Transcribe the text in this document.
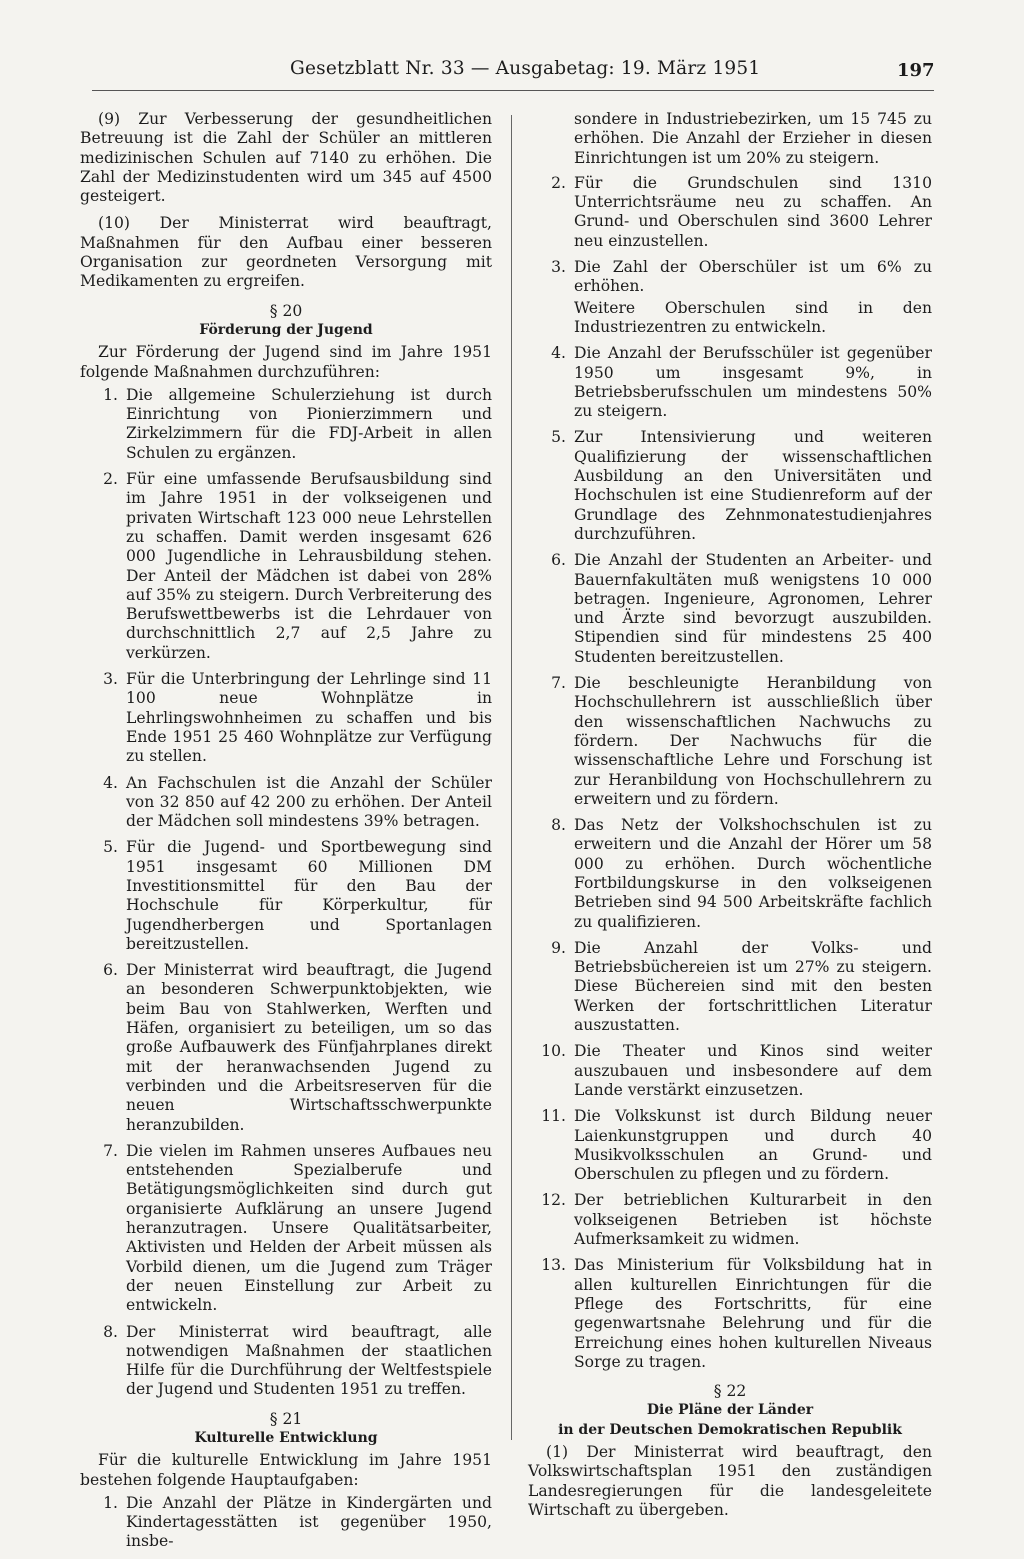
Gesetzblatt Nr. 33 — Ausgabetag: 19. März 1951	197

(9) Zur Verbesserung der gesundheitlichen Betreuung ist die Zahl der Schüler an mittleren medizinischen Schulen auf 7140 zu erhöhen. Die Zahl der Medizinstudenten wird um 345 auf 4500 gesteigert.

(10) Der Ministerrat wird beauftragt, Maßnahmen für den Aufbau einer besseren Organisation zur geordneten Versorgung mit Medikamenten zu ergreifen.

§ 20
Förderung der Jugend

Zur Förderung der Jugend sind im Jahre 1951 folgende Maßnahmen durchzuführen:

1. Die allgemeine Schulerziehung ist durch Einrichtung von Pionierzimmern und Zirkelzimmern für die FDJ-Arbeit in allen Schulen zu ergänzen.
2. Für eine umfassende Berufsausbildung sind im Jahre 1951 in der volkseigenen und privaten Wirtschaft 123 000 neue Lehrstellen zu schaffen. Damit werden insgesamt 626 000 Jugendliche in Lehrausbildung stehen. Der Anteil der Mädchen ist dabei von 28% auf 35% zu steigern. Durch Verbreiterung des Berufswettbewerbs ist die Lehrdauer von durchschnittlich 2,7 auf 2,5 Jahre zu verkürzen.
3. Für die Unterbringung der Lehrlinge sind 11 100 neue Wohnplätze in Lehrlingswohnheimen zu schaffen und bis Ende 1951 25 460 Wohnplätze zur Verfügung zu stellen.
4. An Fachschulen ist die Anzahl der Schüler von 32 850 auf 42 200 zu erhöhen. Der Anteil der Mädchen soll mindestens 39% betragen.
5. Für die Jugend- und Sportbewegung sind 1951 insgesamt 60 Millionen DM Investitionsmittel für den Bau der Hochschule für Körperkultur, für Jugendherbergen und Sportanlagen bereitzustellen.
6. Der Ministerrat wird beauftragt, die Jugend an besonderen Schwerpunktobjekten, wie beim Bau von Stahlwerken, Werften und Häfen, organisiert zu beteiligen, um so das große Aufbauwerk des Fünfjahrplanes direkt mit der heranwachsenden Jugend zu verbinden und die Arbeitsreserven für die neuen Wirtschaftsschwerpunkte heranzubilden.
7. Die vielen im Rahmen unseres Aufbaues neu entstehenden Spezialberufe und Betätigungsmöglichkeiten sind durch gut organisierte Aufklärung an unsere Jugend heranzutragen. Unsere Qualitätsarbeiter, Aktivisten und Helden der Arbeit müssen als Vorbild dienen, um die Jugend zum Träger der neuen Einstellung zur Arbeit zu entwickeln.
8. Der Ministerrat wird beauftragt, alle notwendigen Maßnahmen der staatlichen Hilfe für die Durchführung der Weltfestspiele der Jugend und Studenten 1951 zu treffen.
§ 21
Kulturelle Entwicklung

Für die kulturelle Entwicklung im Jahre 1951 bestehen folgende Hauptaufgaben:

1. Die Anzahl der Plätze in Kindergärten und Kindertagesstätten ist gegenüber 1950, insbe-
sondere in Industriebezirken, um 15 745 zu erhöhen. Die Anzahl der Erzieher in diesen Einrichtungen ist um 20% zu steigern.
2. Für die Grundschulen sind 1310 Unterrichtsräume neu zu schaffen. An Grund- und Oberschulen sind 3600 Lehrer neu einzustellen.
3. Die Zahl der Oberschüler ist um 6% zu erhöhen.
Weitere Oberschulen sind in den Industriezentren zu entwickeln.
4. Die Anzahl der Berufsschüler ist gegenüber 1950 um insgesamt 9%, in Betriebsberufsschulen um mindestens 50% zu steigern.
5. Zur Intensivierung und weiteren Qualifizierung der wissenschaftlichen Ausbildung an den Universitäten und Hochschulen ist eine Studienreform auf der Grundlage des Zehnmonatestudienjahres durchzuführen.
6. Die Anzahl der Studenten an Arbeiter- und Bauernfakultäten muß wenigstens 10 000 betragen. Ingenieure, Agronomen, Lehrer und Ärzte sind bevorzugt auszubilden. Stipendien sind für mindestens 25 400 Studenten bereitzustellen.
7. Die beschleunigte Heranbildung von Hochschullehrern ist ausschließlich über den wissenschaftlichen Nachwuchs zu fördern. Der Nachwuchs für die wissenschaftliche Lehre und Forschung ist zur Heranbildung von Hochschullehrern zu erweitern und zu fördern.
8. Das Netz der Volkshochschulen ist zu erweitern und die Anzahl der Hörer um 58 000 zu erhöhen. Durch wöchentliche Fortbildungskurse in den volkseigenen Betrieben sind 94 500 Arbeitskräfte fachlich zu qualifizieren.
9. Die Anzahl der Volks- und Betriebsbüchereien ist um 27% zu steigern. Diese Büchereien sind mit den besten Werken der fortschrittlichen Literatur auszustatten.
10. Die Theater und Kinos sind weiter auszubauen und insbesondere auf dem Lande verstärkt einzusetzen.
11. Die Volkskunst ist durch Bildung neuer Laienkunstgruppen und durch 40 Musikvolksschulen an Grund- und Oberschulen zu pflegen und zu fördern.
12. Der betrieblichen Kulturarbeit in den volkseigenen Betrieben ist höchste Aufmerksamkeit zu widmen.
13. Das Ministerium für Volksbildung hat in allen kulturellen Einrichtungen für die Pflege des Fortschritts, für eine gegenwartsnahe Belehrung und für die Erreichung eines hohen kulturellen Niveaus Sorge zu tragen.
§ 22
Die Pläne der Länder
in der Deutschen Demokratischen Republik

(1) Der Ministerrat wird beauftragt, den Volkswirtschaftsplan 1951 den zuständigen Landesregierungen für die landesgeleitete Wirtschaft zu übergeben.
